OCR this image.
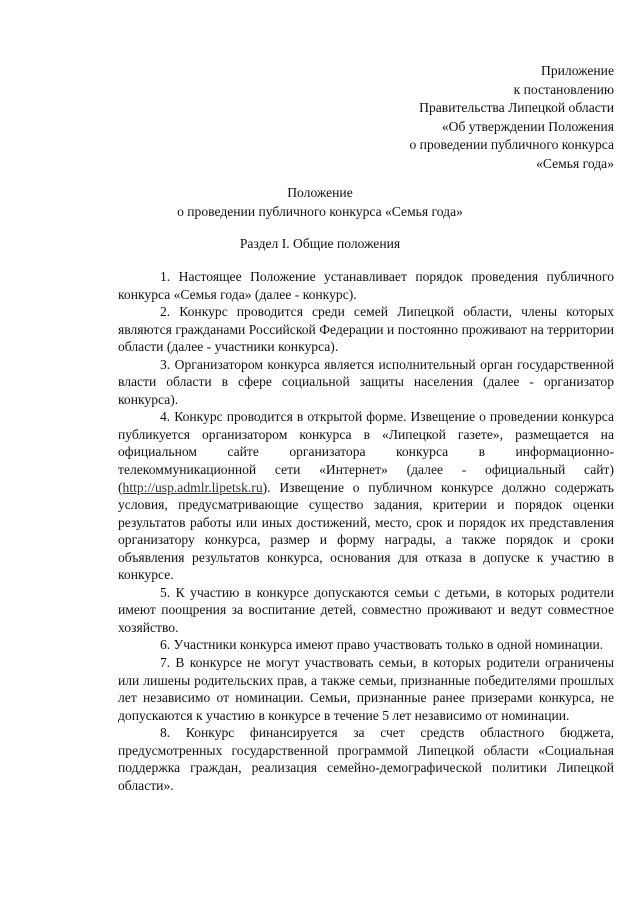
Приложение
к постановлению
Правительства Липецкой области
«Об утверждении Положения
о проведении публичного конкурса
«Семья года»
Положение
о проведении публичного конкурса «Семья года»
Раздел I. Общие положения

1. Настоящее Положение устанавливает порядок проведения публичного конкурса «Семья года» (далее - конкурс).

2. Конкурс проводится среди семей Липецкой области, члены которых являются гражданами Российской Федерации и постоянно проживают на территории области (далее - участники конкурса).

3. Организатором конкурса является исполнительный орган государственной власти области в сфере социальной защиты населения (далее - организатор конкурса).

4. Конкурс проводится в открытой форме. Извещение о проведении конкурса публикуется организатором конкурса в «Липецкой газете», размещается на официальном сайте организатора конкурса в информационно-телекоммуникационной сети «Интернет» (далее - официальный сайт) (http://usp.admlr.lipetsk.ru). Извещение о публичном конкурсе должно содержать условия, предусматривающие существо задания, критерии и порядок оценки результатов работы или иных достижений, место, срок и порядок их представления организатору конкурса, размер и форму награды, а также порядок и сроки объявления результатов конкурса, основания для отказа в допуске к участию в конкурсе.

5. К участию в конкурсе допускаются семьи с детьми, в которых родители имеют поощрения за воспитание детей, совместно проживают и ведут совместное хозяйство.

6. Участники конкурса имеют право участвовать только в одной номинации.

7. В конкурсе не могут участвовать семьи, в которых родители ограничены или лишены родительских прав, а также семьи, признанные победителями прошлых лет независимо от номинации. Семьи, признанные ранее призерами конкурса, не допускаются к участию в конкурсе в течение 5 лет независимо от номинации.

8. Конкурс финансируется за счет средств областного бюджета, предусмотренных государственной программой Липецкой области «Социальная поддержка граждан, реализация семейно-демографической политики Липецкой области».
